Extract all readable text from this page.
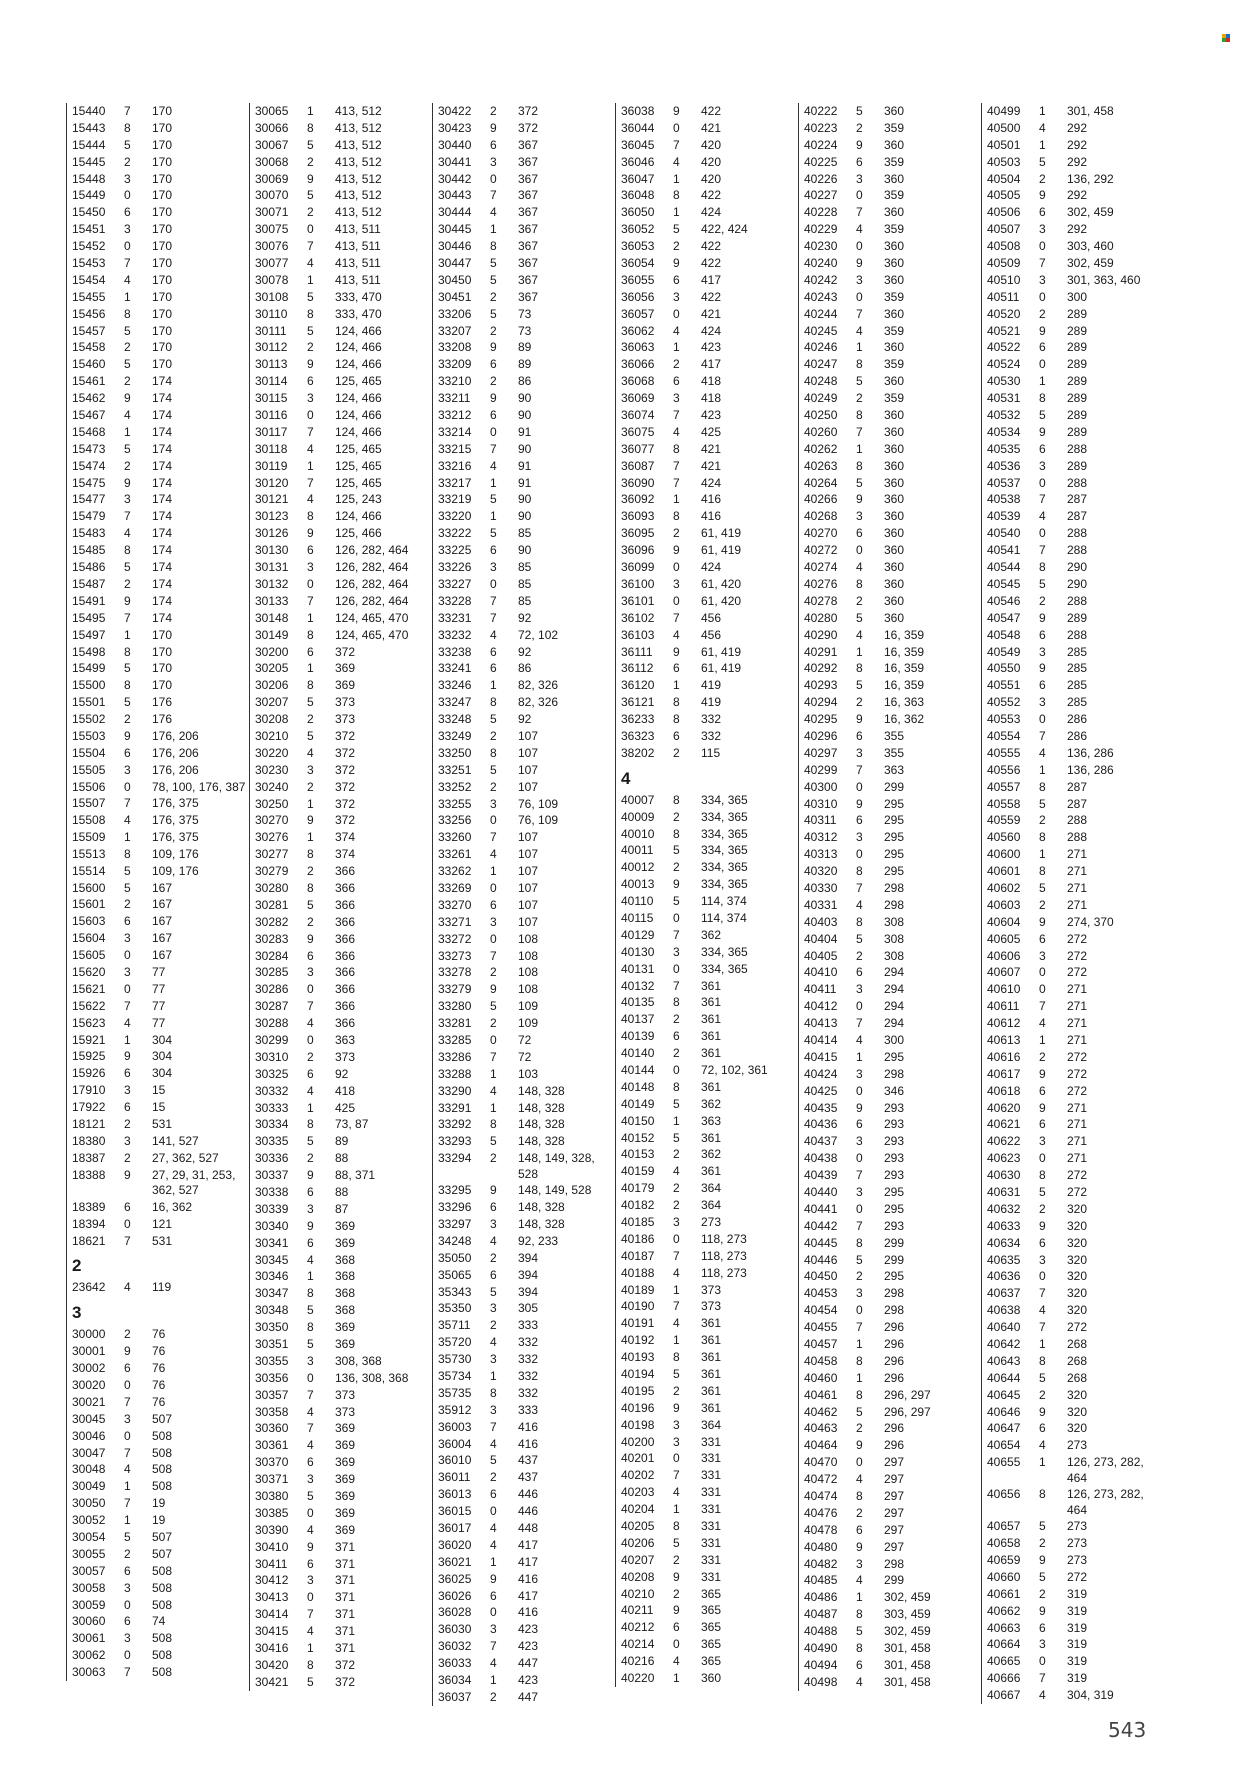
15440 7 170
15443 8 170
15444 5 170
15445 2 170
15448 3 170
15449 0 170
15450 6 170
15451 3 170
15452 0 170
15453 7 170
15454 4 170
15455 1 170
15456 8 170
15457 5 170
15458 2 170
15460 5 170
15461 2 174
15462 9 174
15467 4 174
15468 1 174
15473 5 174
15474 2 174
15475 9 174
15477 3 174
15479 7 174
15483 4 174
15485 8 174
15486 5 174
15487 2 174
15491 9 174
15495 7 174
15497 1 170
15498 8 170
15499 5 170
15500 8 170
15501 5 176
15502 2 176
15503 9 176, 206
15504 6 176, 206
15505 3 176, 206
15506 0 78, 100, 176, 387
15507 7 176, 375
15508 4 176, 375
15509 1 176, 375
15513 8 109, 176
15514 5 109, 176
15600 5 167
15601 2 167
15603 6 167
15604 3 167
15605 0 167
15620 3 77
15621 0 77
15622 7 77
15623 4 77
15921 1 304
15925 9 304
15926 6 304
17910 3 15
17922 6 15
18121 2 531
18380 3 141, 527
18387 2 27, 362, 527
18388 9 27, 29, 31, 253, 362, 527
18389 6 16, 362
18394 0 121
18621 7 531
2
23642 4 119
3
30000 2 76
30001 9 76
30002 6 76
30020 0 76
30021 7 76
30045 3 507
30046 0 508
30047 7 508
30048 4 508
30049 1 508
30050 7 19
30052 1 19
30054 5 507
30055 2 507
30057 6 508
30058 3 508
30059 0 508
30060 6 74
30061 3 508
30062 0 508
30063 7 508
30065 1 413, 512
30066 8 413, 512
30067 5 413, 512
30068 2 413, 512
30069 9 413, 512
30070 5 413, 512
30071 2 413, 512
30075 0 413, 511
30076 7 413, 511
30077 4 413, 511
30078 1 413, 511
30108 5 333, 470
30110 8 333, 470
30111 5 124, 466
30112 2 124, 466
30113 9 124, 466
30114 6 125, 465
30115 3 124, 466
30116 0 124, 466
30117 7 124, 466
30118 4 125, 465
30119 1 125, 465
30120 7 125, 465
30121 4 125, 243
30123 8 124, 466
30126 9 125, 466
30130 6 126, 282, 464
30131 3 126, 282, 464
30132 0 126, 282, 464
30133 7 126, 282, 464
30148 1 124, 465, 470
30149 8 124, 465, 470
30200 6 372
30205 1 369
30206 8 369
30207 5 373
30208 2 373
30210 5 372
30220 4 372
30230 3 372
30240 2 372
30250 1 372
30270 9 372
30276 1 374
30277 8 374
30279 2 366
30280 8 366
30281 5 366
30282 2 366
30283 9 366
30284 6 366
30285 3 366
30286 0 366
30287 7 366
30288 4 366
30299 0 363
30310 2 373
30325 6 92
30332 4 418
30333 1 425
30334 8 73, 87
30335 5 89
30336 2 88
30337 9 88, 371
30338 6 88
30339 3 87
30340 9 369
30341 6 369
30345 4 368
30346 1 368
30347 8 368
30348 5 368
30350 8 369
30351 5 369
30355 3 308, 368
30356 0 136, 308, 368
30357 7 373
30358 4 373
30360 7 369
30361 4 369
30370 6 369
30371 3 369
30380 5 369
30385 0 369
30390 4 369
30410 9 371
30411 6 371
30412 3 371
30413 0 371
30414 7 371
30415 4 371
30416 1 371
30420 8 372
30421 5 372
30422 2 372
30423 9 372
30440 6 367
30441 3 367
30442 0 367
30443 7 367
30444 4 367
30445 1 367
30446 8 367
30447 5 367
30450 5 367
30451 2 367
33206 5 73
33207 2 73
33208 9 89
33209 6 89
33210 2 86
33211 9 90
33212 6 90
33214 0 91
33215 7 90
33216 4 91
33217 1 91
33219 5 90
33220 1 90
33222 5 85
33225 6 90
33226 3 85
33227 0 85
33228 7 85
33231 7 92
33232 4 72, 102
33238 6 92
33241 6 86
33246 1 82, 326
33247 8 82, 326
33248 5 92
33249 2 107
33250 8 107
33251 5 107
33252 2 107
33255 3 76, 109
33256 0 76, 109
33260 7 107
33261 4 107
33262 1 107
33269 0 107
33270 6 107
33271 3 107
33272 0 108
33273 7 108
33278 2 108
33279 9 108
33280 5 109
33281 2 109
33285 0 72
33286 7 72
33288 1 103
33290 4 148, 328
33291 1 148, 328
33292 8 148, 328
33293 5 148, 328
33294 2 148, 149, 328, 528
33295 9 148, 149, 528
33296 6 148, 328
33297 3 148, 328
34248 4 92, 233
35050 2 394
35065 6 394
35343 5 394
35350 3 305
35711 2 333
35720 4 332
35730 3 332
35734 1 332
35735 8 332
35912 3 333
36003 7 416
36004 4 416
36010 5 437
36011 2 437
36013 6 446
36015 0 446
36017 4 448
36020 4 417
36021 1 417
36025 9 416
36026 6 417
36028 0 416
36030 3 423
36032 7 423
36033 4 447
36034 1 423
36037 2 447
36038 9 422
36044 0 421
36045 7 420
36046 4 420
36047 1 420
36048 8 422
36050 1 424
36052 5 422, 424
36053 2 422
36054 9 422
36055 6 417
36056 3 422
36057 0 421
36062 4 424
36063 1 423
36066 2 417
36068 6 418
36069 3 418
36074 7 423
36075 4 425
36077 8 421
36087 7 421
36090 7 424
36092 1 416
36093 8 416
36095 2 61, 419
36096 9 61, 419
36099 0 424
36100 3 61, 420
36101 0 61, 420
36102 7 456
36103 4 456
36111 9 61, 419
36112 6 61, 419
36120 1 419
36121 8 419
36233 8 332
36323 6 332
38202 2 115
4
40007 8 334, 365
40009 2 334, 365
40010 8 334, 365
40011 5 334, 365
40012 2 334, 365
40013 9 334, 365
40110 5 114, 374
40115 0 114, 374
40129 7 362
40130 3 334, 365
40131 0 334, 365
40132 7 361
40135 8 361
40137 2 361
40139 6 361
40140 2 361
40144 0 72, 102, 361
40148 8 361
40149 5 362
40150 1 363
40152 5 361
40153 2 362
40159 4 361
40179 2 364
40182 2 364
40185 3 273
40186 0 118, 273
40187 7 118, 273
40188 4 118, 273
40189 1 373
40190 7 373
40191 4 361
40192 1 361
40193 8 361
40194 5 361
40195 2 361
40196 9 361
40198 3 364
40200 3 331
40201 0 331
40202 7 331
40203 4 331
40204 1 331
40205 8 331
40206 5 331
40207 2 331
40208 9 331
40210 2 365
40211 9 365
40212 6 365
40214 0 365
40216 4 365
40220 1 360
40222 5 360
40223 2 359
40224 9 360
40225 6 359
40226 3 360
40227 0 359
40228 7 360
40229 4 359
40230 0 360
40240 9 360
40242 3 360
40243 0 359
40244 7 360
40245 4 359
40246 1 360
40247 8 359
40248 5 360
40249 2 359
40250 8 360
40260 7 360
40262 1 360
40263 8 360
40264 5 360
40266 9 360
40268 3 360
40270 6 360
40272 0 360
40274 4 360
40276 8 360
40278 2 360
40280 5 360
40290 4 16, 359
40291 1 16, 359
40292 8 16, 359
40293 5 16, 359
40294 2 16, 363
40295 9 16, 362
40296 6 355
40297 3 355
40299 7 363
40300 0 299
40310 9 295
40311 6 295
40312 3 295
40313 0 295
40320 8 295
40330 7 298
40331 4 298
40403 8 308
40404 5 308
40405 2 308
40410 6 294
40411 3 294
40412 0 294
40413 7 294
40414 4 300
40415 1 295
40424 3 298
40425 0 346
40435 9 293
40436 6 293
40437 3 293
40438 0 293
40439 7 293
40440 3 295
40441 0 295
40442 7 293
40445 8 299
40446 5 299
40450 2 295
40453 3 298
40454 0 298
40455 7 296
40457 1 296
40458 8 296
40460 1 296
40461 8 296, 297
40462 5 296, 297
40463 2 296
40464 9 296
40470 0 297
40472 4 297
40474 8 297
40476 2 297
40478 6 297
40480 9 297
40482 3 298
40485 4 299
40486 1 302, 459
40487 8 303, 459
40488 5 302, 459
40490 8 301, 458
40494 6 301, 458
40498 4 301, 458
40499 1 301, 458
40500 4 292
40501 1 292
40503 5 292
40504 2 136, 292
40505 9 292
40506 6 302, 459
40507 3 292
40508 0 303, 460
40509 7 302, 459
40510 3 301, 363, 460
40511 0 300
40520 2 289
40521 9 289
40522 6 289
40524 0 289
40530 1 289
40531 8 289
40532 5 289
40534 9 289
40535 6 288
40536 3 289
40537 0 288
40538 7 287
40539 4 287
40540 0 288
40541 7 288
40544 8 290
40545 5 290
40546 2 288
40547 9 289
40548 6 288
40549 3 285
40550 9 285
40551 6 285
40552 3 285
40553 0 286
40554 7 286
40555 4 136, 286
40556 1 136, 286
40557 8 287
40558 5 287
40559 2 288
40560 8 288
40600 1 271
40601 8 271
40602 5 271
40603 2 271
40604 9 274, 370
40605 6 272
40606 3 272
40607 0 272
40610 0 271
40611 7 271
40612 4 271
40613 1 271
40616 2 272
40617 9 272
40618 6 272
40620 9 271
40621 6 271
40622 3 271
40623 0 271
40630 8 272
40631 5 272
40632 2 320
40633 9 320
40634 6 320
40635 3 320
40636 0 320
40637 7 320
40638 4 320
40640 7 272
40642 1 268
40643 8 268
40644 5 268
40645 2 320
40646 9 320
40647 6 320
40654 4 273
40655 1 126, 273, 282, 464
40656 8 126, 273, 282, 464
40657 5 273
40658 2 273
40659 9 273
40660 5 272
40661 2 319
40662 9 319
40663 6 319
40664 3 319
40665 0 319
40666 7 319
40667 4 304, 319
543
